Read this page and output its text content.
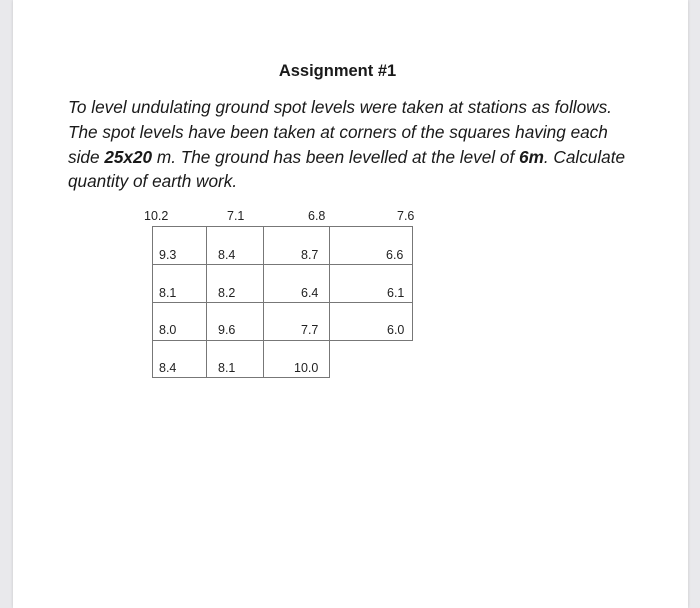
Assignment #1
To level undulating ground spot levels were taken at stations as follows. The spot levels have been taken at corners of the squares having each side 25x20 m. The ground has been levelled at the level of 6m. Calculate quantity of earth work.
10.2	7.1	6.8	7.6
9.3	8.4	8.7	6.6
8.1	8.2	6.4	6.1
8.0	9.6	7.7	6.0
8.4	8.1	10.0
